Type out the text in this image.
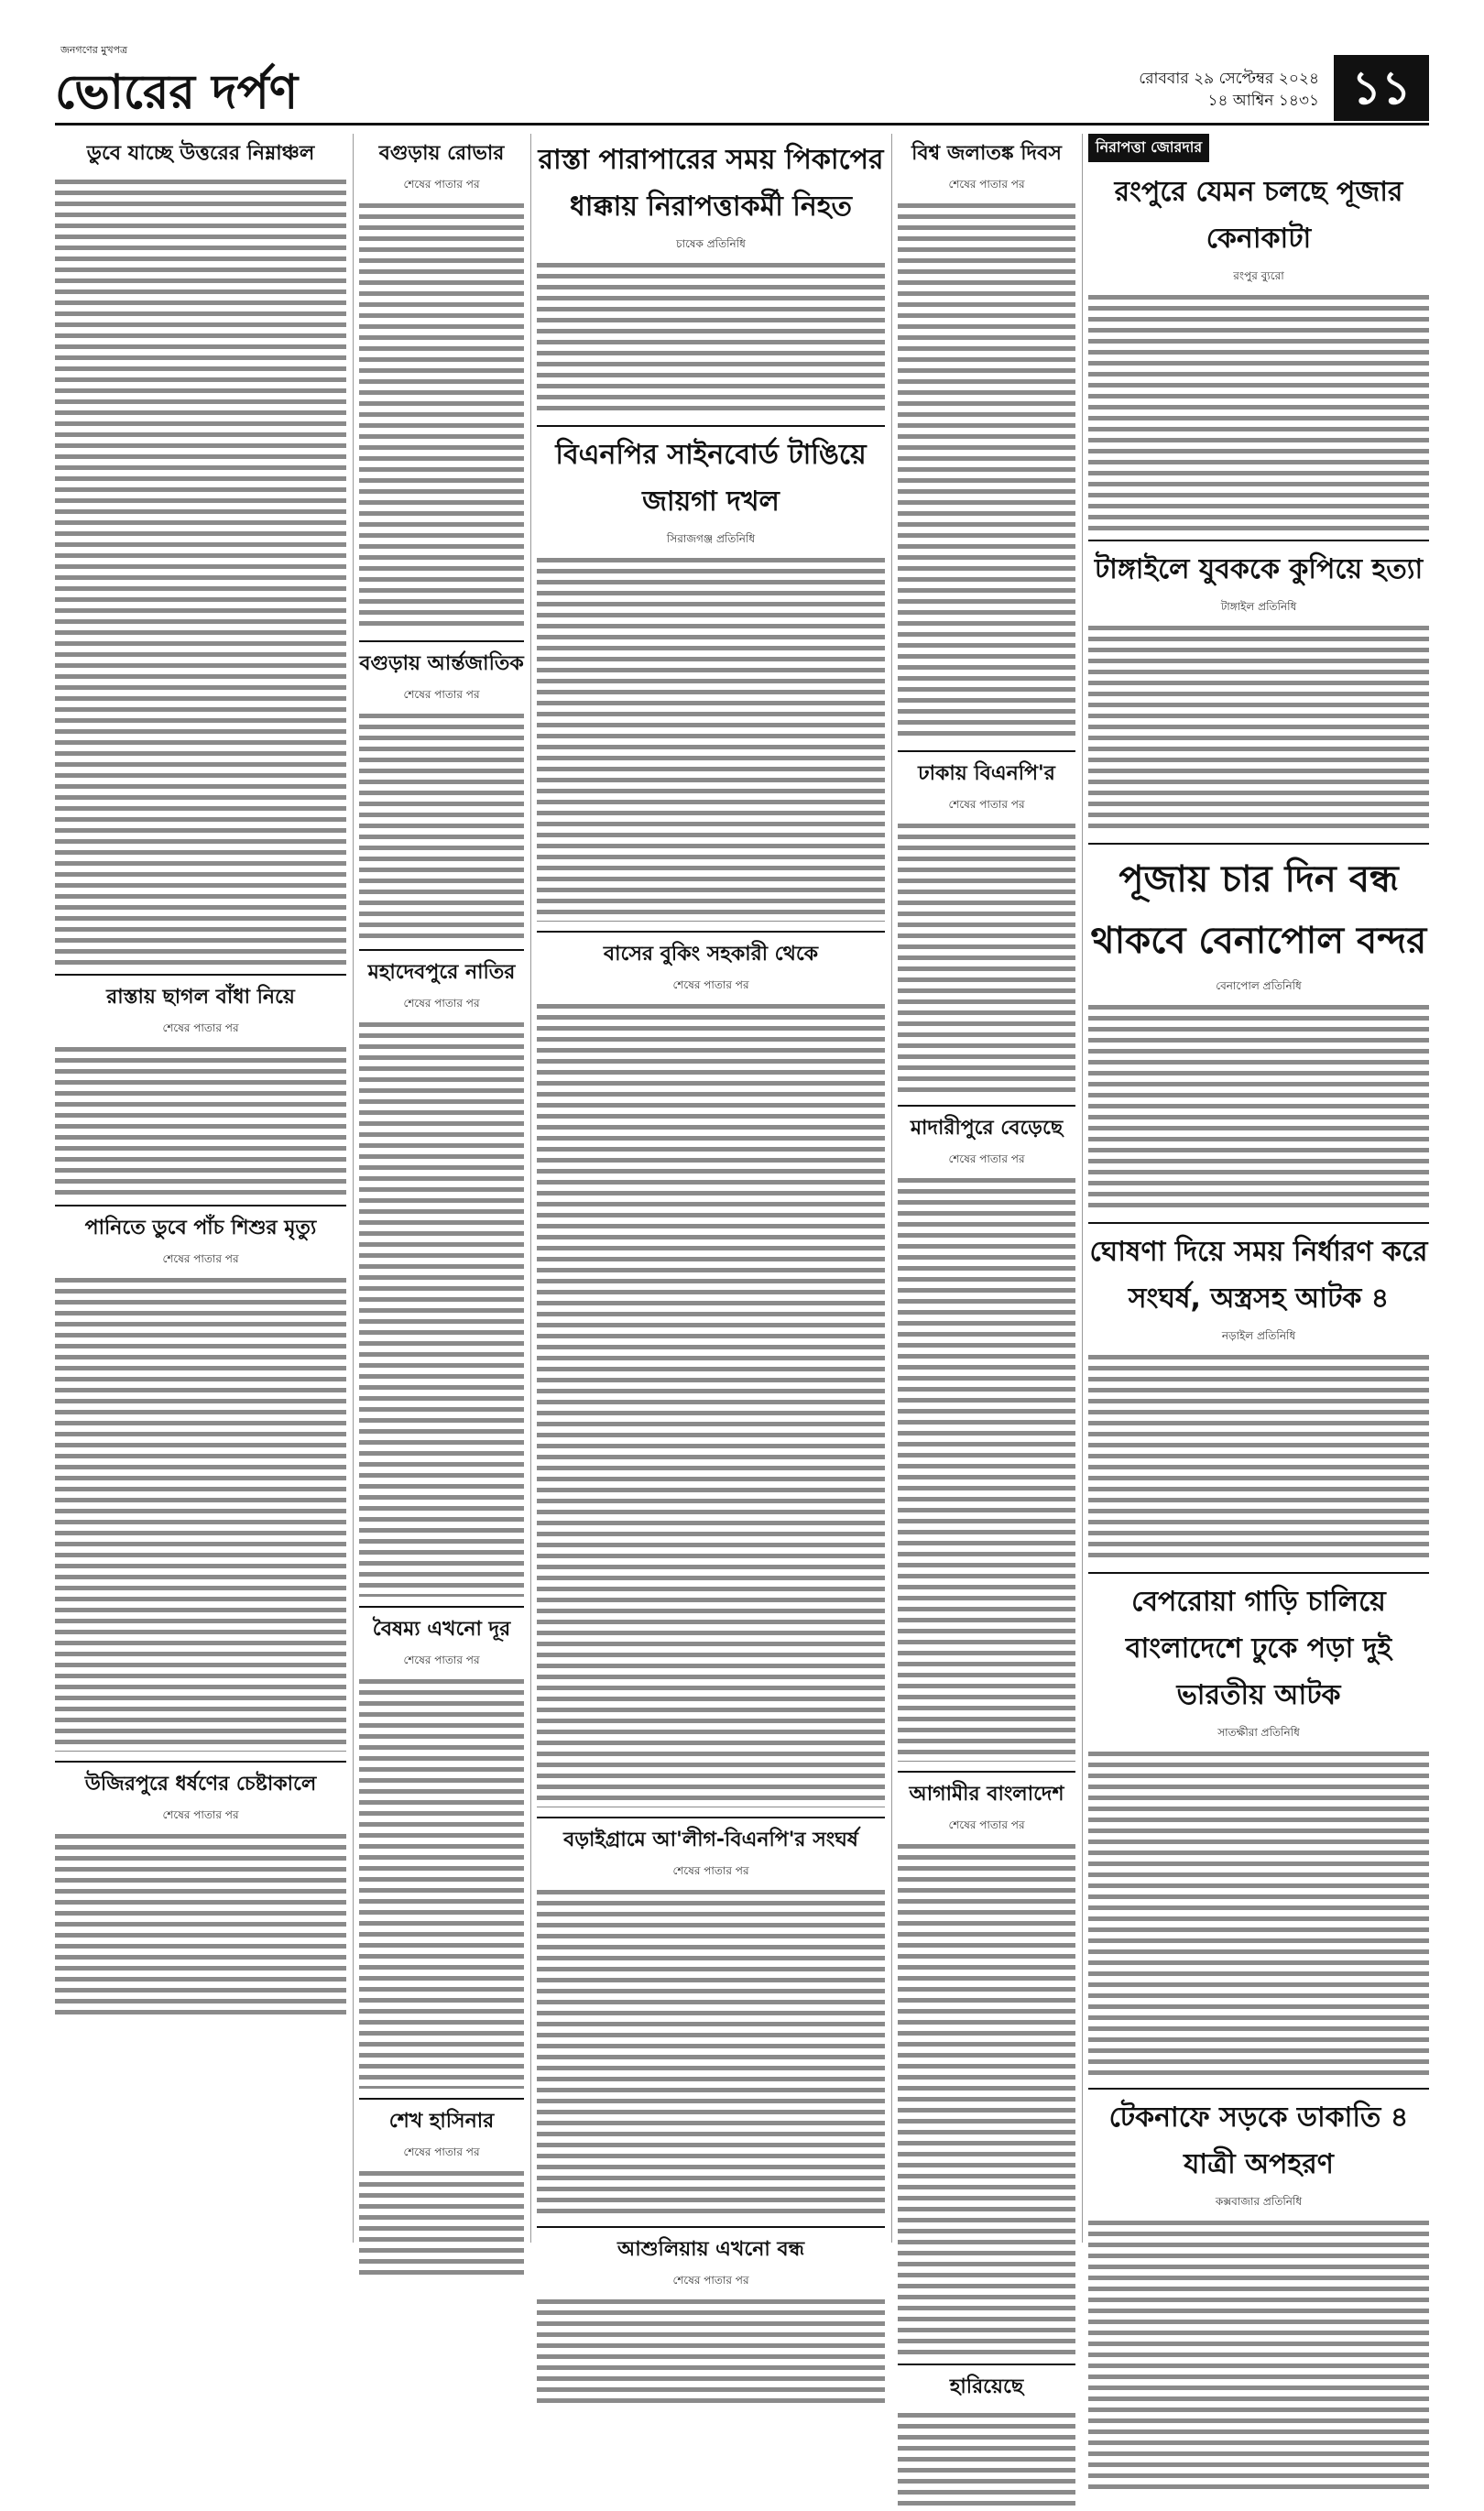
জনগণের মুখপত্র
ভোরের দর্পণ	রোববার ২৯ সেপ্টেম্বর ২০২৪
১৪ আশ্বিন ১৪৩১ ১১
ডুবে যাচ্ছে উত্তরের নিম্নাঞ্চল
রাস্তায় ছাগল বাঁধা নিয়ে
শেষের পাতার পর
পানিতে ডুবে পাঁচ শিশুর মৃত্যু
শেষের পাতার পর
উজিরপুরে ধর্ষণের চেষ্টাকালে
শেষের পাতার পর
বগুড়ায় রোভার
শেষের পাতার পর
বগুড়ায় আর্ন্তজাতিক
শেষের পাতার পর
মহাদেবপুরে নাতির
শেষের পাতার পর
বৈষম্য এখনো দূর
শেষের পাতার পর
শেখ হাসিনার
শেষের পাতার পর
রাস্তা পারাপারের সময় পিকাপের ধাক্কায় নিরাপত্তাকর্মী নিহত
চাষেক প্রতিনিধি
বিএনপির সাইনবোর্ড টাঙিয়ে জায়গা দখল
সিরাজগঞ্জ প্রতিনিধি
বাসের বুকিং সহকারী থেকে
শেষের পাতার পর
বড়াইগ্রামে আ'লীগ-বিএনপি'র সংঘর্ষ
শেষের পাতার পর
আশুলিয়ায় এখনো বন্ধ
শেষের পাতার পর
বিশ্ব জলাতঙ্ক দিবস
শেষের পাতার পর
ঢাকায় বিএনপি'র
শেষের পাতার পর
মাদারীপুরে বেড়েছে
শেষের পাতার পর
আগামীর বাংলাদেশ
শেষের পাতার পর
হারিয়েছে
নিরাপত্তা জোরদার
রংপুরে যেমন চলছে পূজার কেনাকাটা
রংপুর ব্যুরো
টাঙ্গাইলে যুবককে কুপিয়ে হত্যা
টাঙ্গাইল প্রতিনিধি
পূজায় চার দিন বন্ধ থাকবে বেনাপোল বন্দর
বেনাপোল প্রতিনিধি
ঘোষণা দিয়ে সময় নির্ধারণ করে সংঘর্ষ, অস্ত্রসহ আটক ৪
নড়াইল প্রতিনিধি
বেপরোয়া গাড়ি চালিয়ে বাংলাদেশে ঢুকে পড়া দুই ভারতীয় আটক
সাতক্ষীরা প্রতিনিধি
টেকনাফে সড়কে ডাকাতি ৪ যাত্রী অপহরণ
কক্সবাজার প্রতিনিধি
